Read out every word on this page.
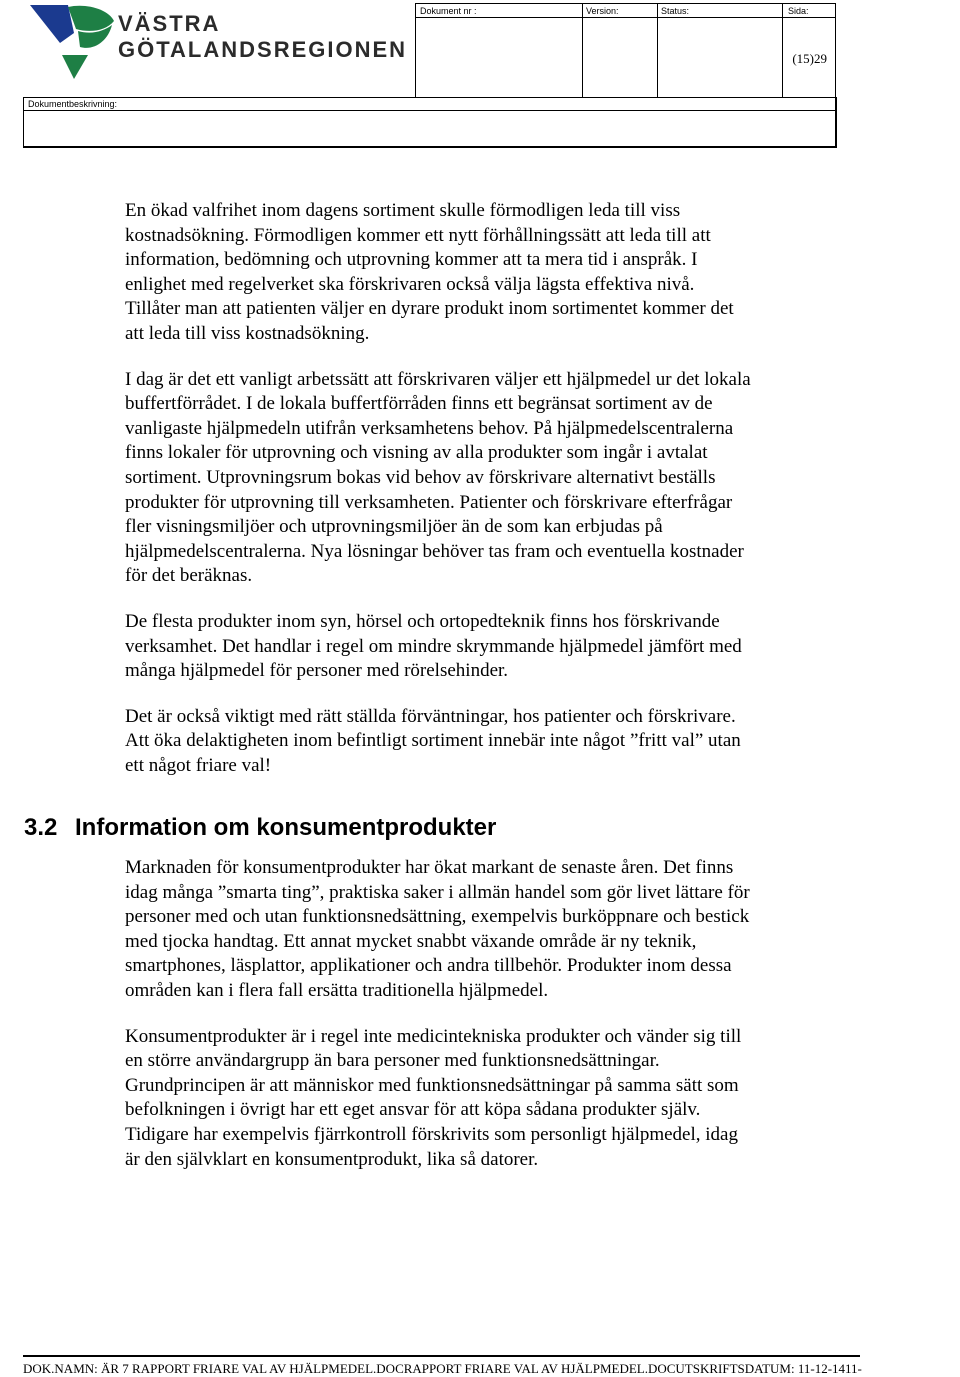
VÄSTRA
GÖTALANDSREGIONEN
Dokument nr :	Version:	Status:	Sida:
(15)29
Dokumentbeskrivning:

En ökad valfrihet inom dagens sortiment skulle förmodligen leda till viss
kostnadsökning. Förmodligen kommer ett nytt förhållningssätt att leda till att
information, bedömning och utprovning kommer att ta mera tid i anspråk. I
enlighet med regelverket ska förskrivaren också välja lägsta effektiva nivå.
Tillåter man att patienten väljer en dyrare produkt inom sortimentet kommer det
att leda till viss kostnadsökning.

I dag är det ett vanligt arbetssätt att förskrivaren väljer ett hjälpmedel ur det lokala
buffertförrådet. I de lokala buffertförråden finns ett begränsat sortiment av de
vanligaste hjälpmedeln utifrån verksamhetens behov. På hjälpmedelscentralerna
finns lokaler för utprovning och visning av alla produkter som ingår i avtalat
sortiment. Utprovningsrum bokas vid behov av förskrivare alternativt beställs
produkter för utprovning till verksamheten. Patienter och förskrivare efterfrågar
fler visningsmiljöer och utprovningsmiljöer än de som kan erbjudas på
hjälpmedelscentralerna. Nya lösningar behöver tas fram och eventuella kostnader
för det beräknas.

De flesta produkter inom syn, hörsel och ortopedteknik finns hos förskrivande
verksamhet. Det handlar i regel om mindre skrymmande hjälpmedel jämfört med
många hjälpmedel för personer med rörelsehinder.

Det är också viktigt med rätt ställda förväntningar, hos patienter och förskrivare.
Att öka delaktigheten inom befintligt sortiment innebär inte något ”fritt val” utan
ett något friare val!

3.2 Information om konsumentprodukter

Marknaden för konsumentprodukter har ökat markant de senaste åren. Det finns
idag många ”smarta ting”, praktiska saker i allmän handel som gör livet lättare för
personer med och utan funktionsnedsättning, exempelvis burköppnare och bestick
med tjocka handtag. Ett annat mycket snabbt växande område är ny teknik,
smartphones, läsplattor, applikationer och andra tillbehör. Produkter inom dessa
områden kan i flera fall ersätta traditionella hjälpmedel.

Konsumentprodukter är i regel inte medicintekniska produkter och vänder sig till
en större användargrupp än bara personer med funktionsnedsättningar.
Grundprincipen är att människor med funktionsnedsättningar på samma sätt som
befolkningen i övrigt har ett eget ansvar för att köpa sådana produkter själv.
Tidigare har exempelvis fjärrkontroll förskrivits som personligt hjälpmedel, idag
är den självklart en konsumentprodukt, lika så datorer.

DOK.NAMN: ÄR 7 RAPPORT FRIARE VAL AV HJÄLPMEDEL.DOCRAPPORT FRIARE VAL AV HJÄLPMEDEL.DOCUTSKRIFTSDATUM: 11-12-1411-
